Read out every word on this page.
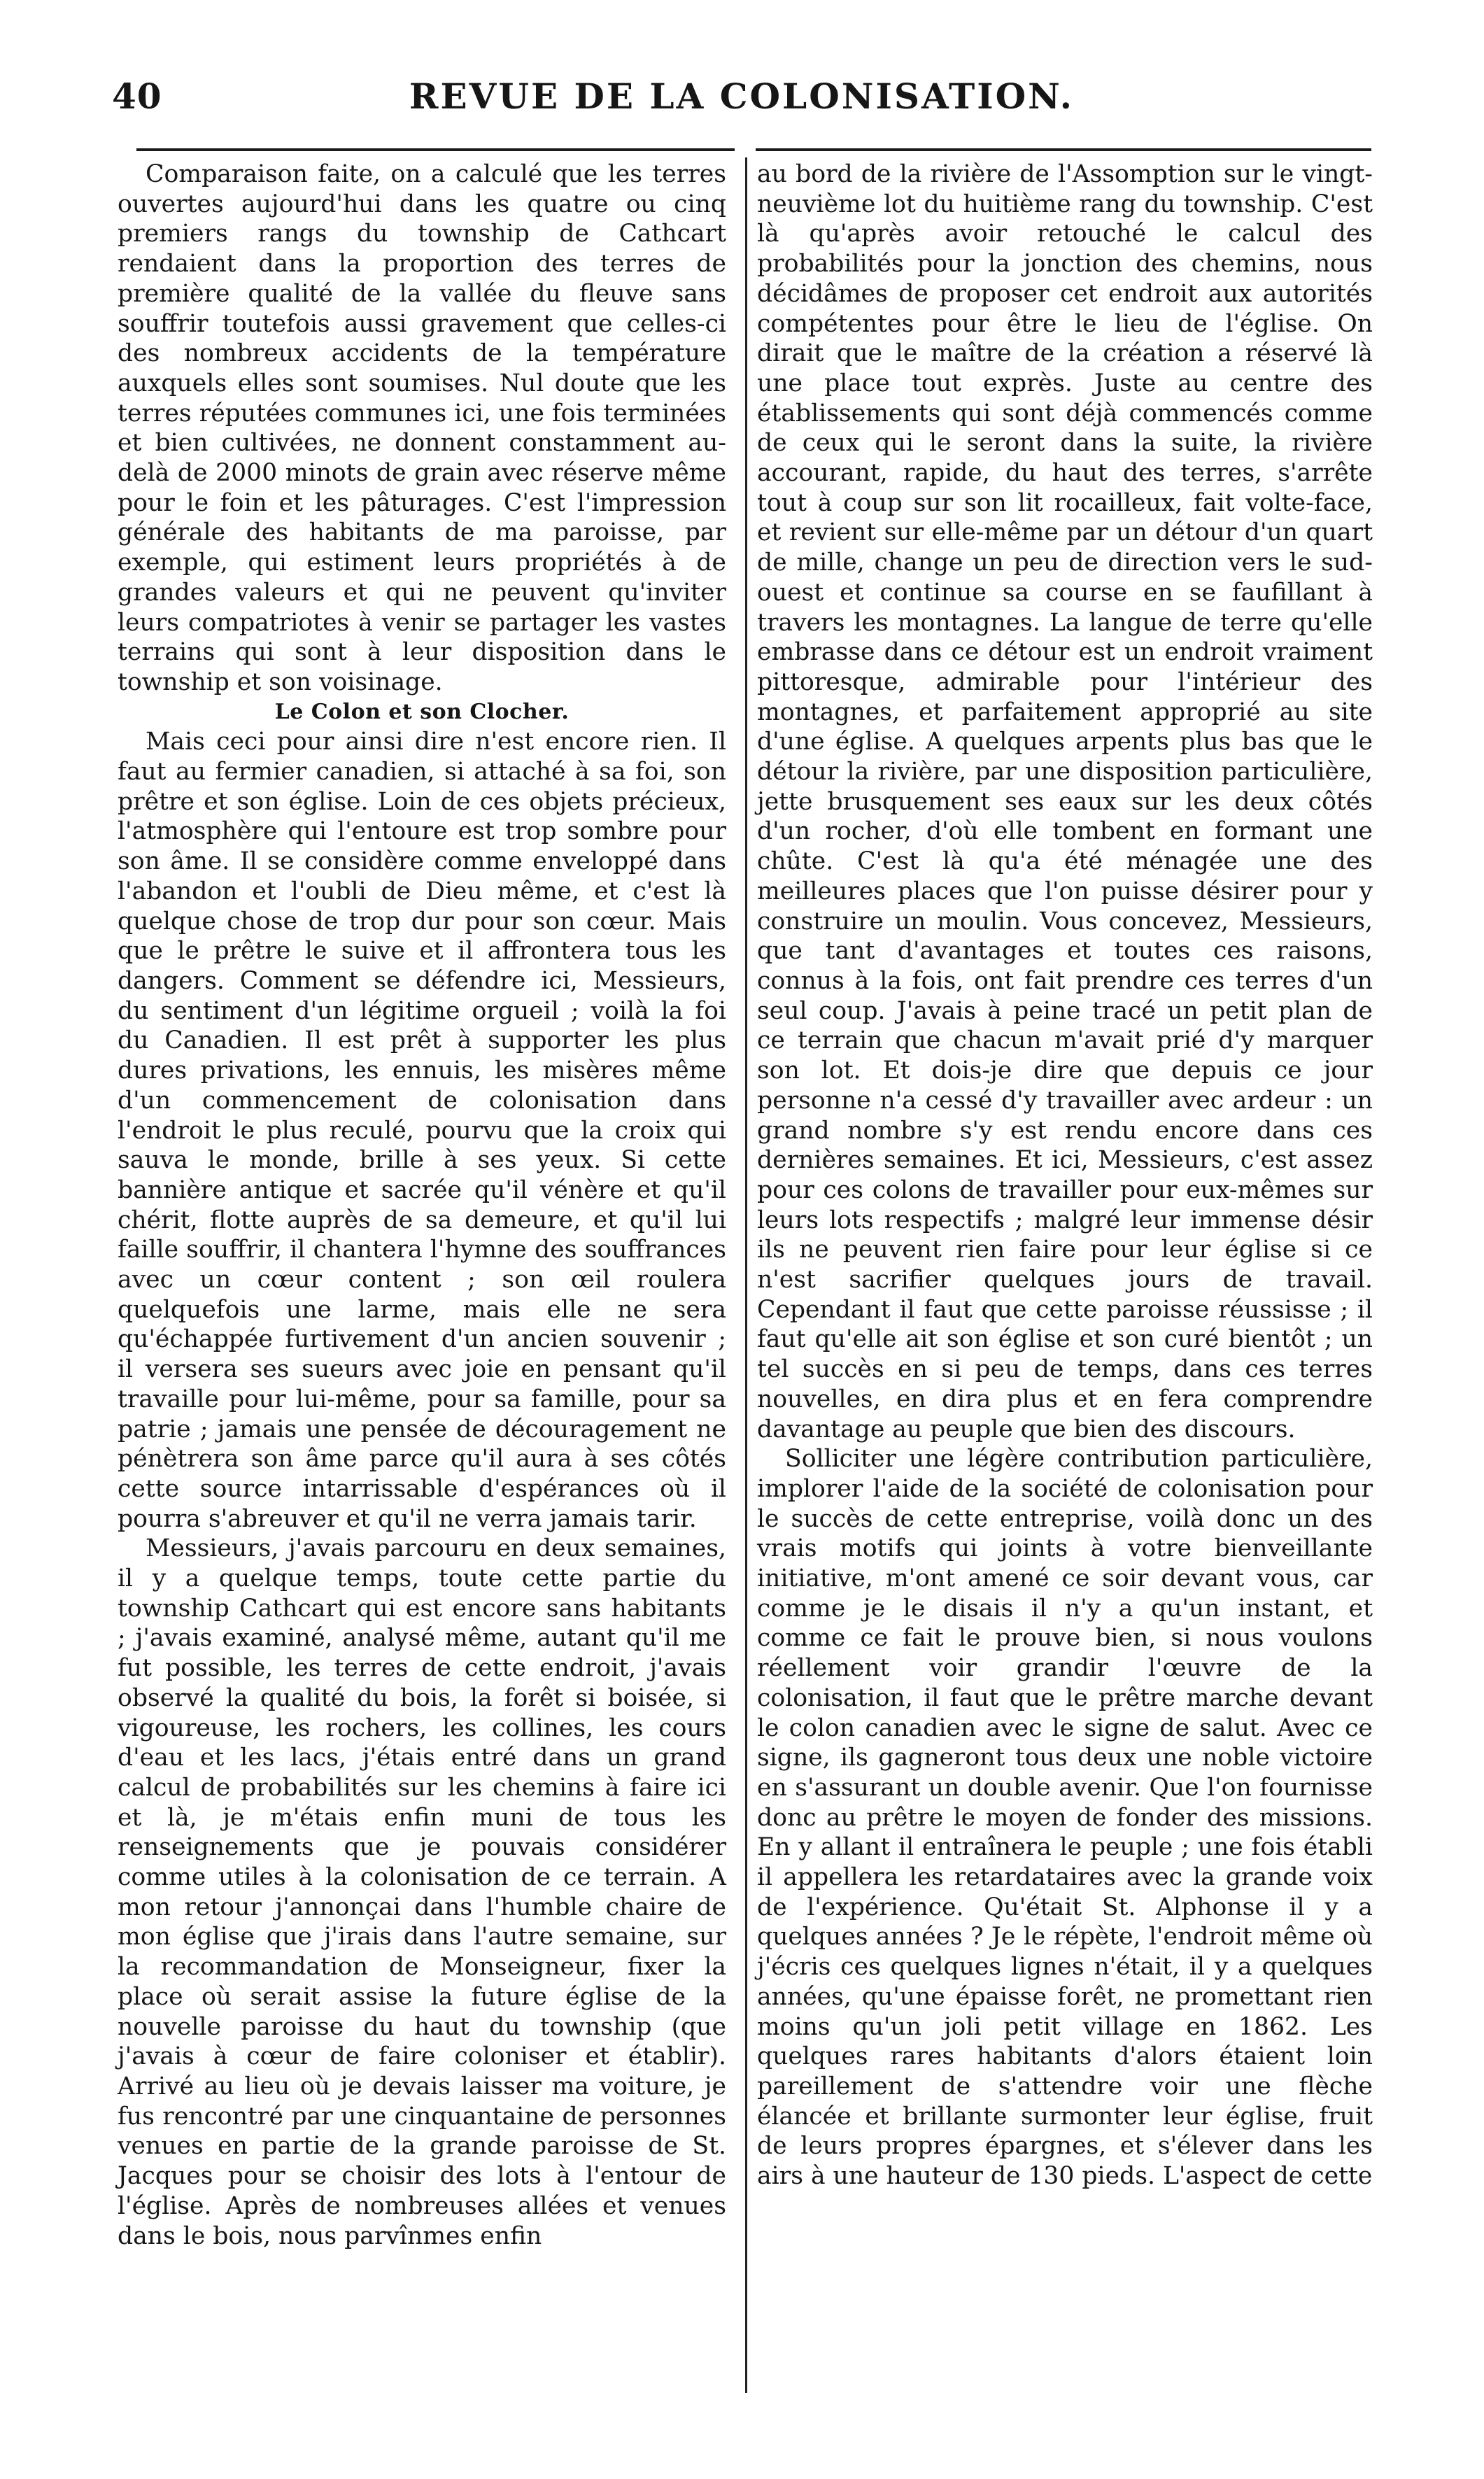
40	REVUE DE LA COLONISATION.

Comparaison faite, on a calculé que les terres ouvertes aujourd'hui dans les quatre ou cinq premiers rangs du township de Cathcart rendaient dans la proportion des terres de première qualité de la vallée du fleuve sans souffrir toutefois aussi gravement que celles-ci des nombreux accidents de la température auxquels elles sont soumises. Nul doute que les terres réputées communes ici, une fois terminées et bien cultivées, ne donnent constamment au-delà de 2000 minots de grain avec réserve même pour le foin et les pâturages. C'est l'impression générale des habitants de ma paroisse, par exemple, qui estiment leurs propriétés à de grandes valeurs et qui ne peuvent qu'inviter leurs compatriotes à venir se partager les vastes terrains qui sont à leur disposition dans le township et son voisinage.

Le Colon et son Clocher.

Mais ceci pour ainsi dire n'est encore rien. Il faut au fermier canadien, si attaché à sa foi, son prêtre et son église. Loin de ces objets précieux, l'atmosphère qui l'entoure est trop sombre pour son âme. Il se considère comme enveloppé dans l'abandon et l'oubli de Dieu même, et c'est là quelque chose de trop dur pour son cœur. Mais que le prêtre le suive et il affrontera tous les dangers. Comment se défendre ici, Messieurs, du sentiment d'un légitime orgueil ; voilà la foi du Canadien. Il est prêt à supporter les plus dures privations, les ennuis, les misères même d'un commencement de colonisation dans l'endroit le plus reculé, pourvu que la croix qui sauva le monde, brille à ses yeux. Si cette bannière antique et sacrée qu'il vénère et qu'il chérit, flotte auprès de sa demeure, et qu'il lui faille souffrir, il chantera l'hymne des souffrances avec un cœur content ; son œil roulera quelquefois une larme, mais elle ne sera qu'échappée furtivement d'un ancien souvenir ; il versera ses sueurs avec joie en pensant qu'il travaille pour lui-même, pour sa famille, pour sa patrie ; jamais une pensée de découragement ne pénètrera son âme parce qu'il aura à ses côtés cette source intarrissable d'espérances où il pourra s'abreuver et qu'il ne verra jamais tarir.

Messieurs, j'avais parcouru en deux semaines, il y a quelque temps, toute cette partie du township Cathcart qui est encore sans habitants ; j'avais examiné, analysé même, autant qu'il me fut possible, les terres de cette endroit, j'avais observé la qualité du bois, la forêt si boisée, si vigoureuse, les rochers, les collines, les cours d'eau et les lacs, j'étais entré dans un grand calcul de probabilités sur les chemins à faire ici et là, je m'étais enfin muni de tous les renseignements que je pouvais considérer comme utiles à la colonisation de ce terrain. A mon retour j'annonçai dans l'humble chaire de mon église que j'irais dans l'autre semaine, sur la recommandation de Monseigneur, fixer la place où serait assise la future église de la nouvelle paroisse du haut du township (que j'avais à cœur de faire coloniser et établir). Arrivé au lieu où je devais laisser ma voiture, je fus rencontré par une cinquantaine de personnes venues en partie de la grande paroisse de St. Jacques pour se choisir des lots à l'entour de l'église. Après de nombreuses allées et venues dans le bois, nous parvînmes enfin

au bord de la rivière de l'Assomption sur le vingt-neuvième lot du huitième rang du township. C'est là qu'après avoir retouché le calcul des probabilités pour la jonction des chemins, nous décidâmes de proposer cet endroit aux autorités compétentes pour être le lieu de l'église. On dirait que le maître de la création a réservé là une place tout exprès. Juste au centre des établissements qui sont déjà commencés comme de ceux qui le seront dans la suite, la rivière accourant, rapide, du haut des terres, s'arrête tout à coup sur son lit rocailleux, fait volte-face, et revient sur elle-même par un détour d'un quart de mille, change un peu de direction vers le sud-ouest et continue sa course en se faufillant à travers les montagnes. La langue de terre qu'elle embrasse dans ce détour est un endroit vraiment pittoresque, admirable pour l'intérieur des montagnes, et parfaitement approprié au site d'une église. A quelques arpents plus bas que le détour la rivière, par une disposition particulière, jette brusquement ses eaux sur les deux côtés d'un rocher, d'où elle tombent en formant une chûte. C'est là qu'a été ménagée une des meilleures places que l'on puisse désirer pour y construire un moulin. Vous concevez, Messieurs, que tant d'avantages et toutes ces raisons, connus à la fois, ont fait prendre ces terres d'un seul coup. J'avais à peine tracé un petit plan de ce terrain que chacun m'avait prié d'y marquer son lot. Et dois-je dire que depuis ce jour personne n'a cessé d'y travailler avec ardeur : un grand nombre s'y est rendu encore dans ces dernières semaines. Et ici, Messieurs, c'est assez pour ces colons de travailler pour eux-mêmes sur leurs lots respectifs ; malgré leur immense désir ils ne peuvent rien faire pour leur église si ce n'est sacrifier quelques jours de travail. Cependant il faut que cette paroisse réussisse ; il faut qu'elle ait son église et son curé bientôt ; un tel succès en si peu de temps, dans ces terres nouvelles, en dira plus et en fera comprendre davantage au peuple que bien des discours.

Solliciter une légère contribution particulière, implorer l'aide de la société de colonisation pour le succès de cette entreprise, voilà donc un des vrais motifs qui joints à votre bienveillante initiative, m'ont amené ce soir devant vous, car comme je le disais il n'y a qu'un instant, et comme ce fait le prouve bien, si nous voulons réellement voir grandir l'œuvre de la colonisation, il faut que le prêtre marche devant le colon canadien avec le signe de salut. Avec ce signe, ils gagneront tous deux une noble victoire en s'assurant un double avenir. Que l'on fournisse donc au prêtre le moyen de fonder des missions. En y allant il entraînera le peuple ; une fois établi il appellera les retardataires avec la grande voix de l'expérience. Qu'était St. Alphonse il y a quelques années ? Je le répète, l'endroit même où j'écris ces quelques lignes n'était, il y a quelques années, qu'une épaisse forêt, ne promettant rien moins qu'un joli petit village en 1862. Les quelques rares habitants d'alors étaient loin pareillement de s'attendre voir une flèche élancée et brillante surmonter leur église, fruit de leurs propres épargnes, et s'élever dans les airs à une hauteur de 130 pieds. L'aspect de cette
